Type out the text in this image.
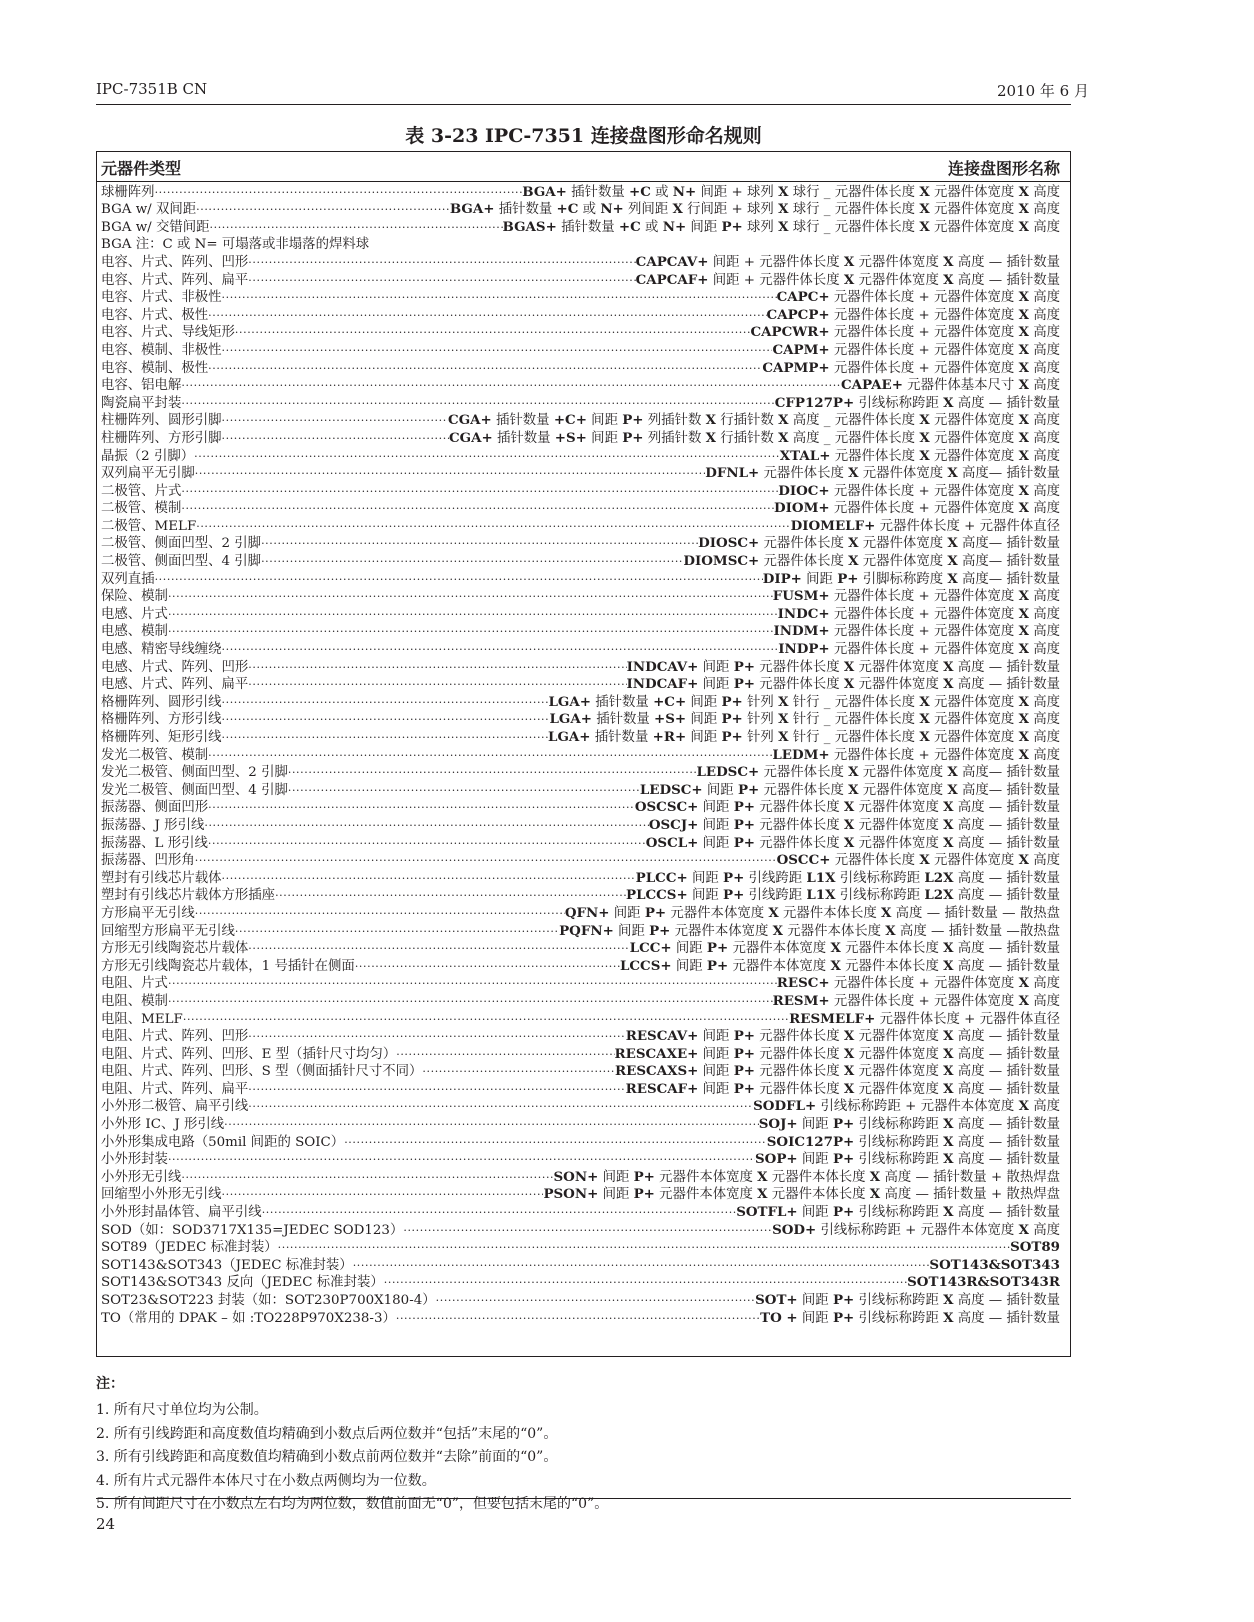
IPC-7351B CN	2010 年 6 月
表 3-23 IPC-7351 连接盘图形命名规则
元器件类型	连接盘图形名称
球栅阵列 ·····	BGA+ 插针数量 +C 或 N+ 间距 + 球列 X 球行 _ 元器件体长度 X 元器件体宽度 X 高度
BGA w/ 双间距 ·····	BGA+ 插针数量 +C 或 N+ 列间距 X 行间距 + 球列 X 球行 _ 元器件体长度 X 元器件体宽度 X 高度
BGA w/ 交错间距 ·····	BGAS+ 插针数量 +C 或 N+ 间距 P+ 球列 X 球行 _ 元器件体长度 X 元器件体宽度 X 高度
BGA 注：C 或 N= 可塌落或非塌落的焊料球
电容、片式、阵列、凹形 ·····	CAPCAV+ 间距 + 元器件体长度 X 元器件体宽度 X 高度 — 插针数量
电容、片式、阵列、扁平 ·····	CAPCAF+ 间距 + 元器件体长度 X 元器件体宽度 X 高度 — 插针数量
电容、片式、非极性 ·····	CAPC+ 元器件体长度 + 元器件体宽度 X 高度
电容、片式、极性 ·····	CAPCP+ 元器件体长度 + 元器件体宽度 X 高度
电容、片式、导线矩形 ·····	CAPCWR+ 元器件体长度 + 元器件体宽度 X 高度
电容、模制、非极性 ·····	CAPM+ 元器件体长度 + 元器件体宽度 X 高度
电容、模制、极性 ·····	CAPMP+ 元器件体长度 + 元器件体宽度 X 高度
电容、铝电解 ·····	CAPAE+ 元器件体基本尺寸 X 高度
陶瓷扁平封装 ·····	CFP127P+ 引线标称跨距 X 高度 — 插针数量
柱栅阵列、圆形引脚 ·····	CGA+ 插针数量 +C+ 间距 P+ 列插针数 X 行插针数 X 高度 _ 元器件体长度 X 元器件体宽度 X 高度
柱栅阵列、方形引脚 ·····	CGA+ 插针数量 +S+ 间距 P+ 列插针数 X 行插针数 X 高度 _ 元器件体长度 X 元器件体宽度 X 高度
晶振（2 引脚） ·····	XTAL+ 元器件体长度 X 元器件体宽度 X 高度
双列扁平无引脚 ·····	DFNL+ 元器件体长度 X 元器件体宽度 X 高度— 插针数量
二极管、片式 ·····	DIOC+ 元器件体长度 + 元器件体宽度 X 高度
二极管、模制 ·····	DIOM+ 元器件体长度 + 元器件体宽度 X 高度
二极管、MELF ·····	DIOMELF+ 元器件体长度 + 元器件体直径
二极管、侧面凹型、2 引脚 ·····	DIOSC+ 元器件体长度 X 元器件体宽度 X 高度— 插针数量
二极管、侧面凹型、4 引脚 ·····	DIOMSC+ 元器件体长度 X 元器件体宽度 X 高度— 插针数量
双列直插 ·····	DIP+ 间距 P+ 引脚标称跨度 X 高度— 插针数量
保险、模制 ·····	FUSM+ 元器件体长度 + 元器件体宽度 X 高度
电感、片式 ·····	INDC+ 元器件体长度 + 元器件体宽度 X 高度
电感、模制 ·····	INDM+ 元器件体长度 + 元器件体宽度 X 高度
电感、精密导线缠绕 ·····	INDP+ 元器件体长度 + 元器件体宽度 X 高度
电感、片式、阵列、凹形 ·····	INDCAV+ 间距 P+ 元器件体长度 X 元器件体宽度 X 高度 — 插针数量
电感、片式、阵列、扁平 ·····	INDCAF+ 间距 P+ 元器件体长度 X 元器件体宽度 X 高度 — 插针数量
格栅阵列、圆形引线 ·····	LGA+ 插针数量 +C+ 间距 P+ 针列 X 针行 _ 元器件体长度 X 元器件体宽度 X 高度
格栅阵列、方形引线 ·····	LGA+ 插针数量 +S+ 间距 P+ 针列 X 针行 _ 元器件体长度 X 元器件体宽度 X 高度
格栅阵列、矩形引线 ·····	LGA+ 插针数量 +R+ 间距 P+ 针列 X 针行 _ 元器件体长度 X 元器件体宽度 X 高度
发光二极管、模制 ·····	LEDM+ 元器件体长度 + 元器件体宽度 X 高度
发光二极管、侧面凹型、2 引脚 ·····	LEDSC+ 元器件体长度 X 元器件体宽度 X 高度— 插针数量
发光二极管、侧面凹型、4 引脚 ·····	LEDSC+ 间距 P+ 元器件体长度 X 元器件体宽度 X 高度— 插针数量
振荡器、侧面凹形 ·····	OSCSC+ 间距 P+ 元器件体长度 X 元器件体宽度 X 高度 — 插针数量
振荡器、J 形引线 ·····	OSCJ+ 间距 P+ 元器件体长度 X 元器件体宽度 X 高度 — 插针数量
振荡器、L 形引线 ·····	OSCL+ 间距 P+ 元器件体长度 X 元器件体宽度 X 高度 — 插针数量
振荡器、凹形角 ·····	OSCC+ 元器件体长度 X 元器件体宽度 X 高度
塑封有引线芯片载体 ·····	PLCC+ 间距 P+ 引线跨距 L1X 引线标称跨距 L2X 高度 — 插针数量
塑封有引线芯片载体方形插座 ·····	PLCCS+ 间距 P+ 引线跨距 L1X 引线标称跨距 L2X 高度 — 插针数量
方形扁平无引线 ·····	QFN+ 间距 P+ 元器件本体宽度 X 元器件本体长度 X 高度 — 插针数量 — 散热盘
回缩型方形扁平无引线 ·····	PQFN+ 间距 P+ 元器件本体宽度 X 元器件本体长度 X 高度 — 插针数量 —散热盘
方形无引线陶瓷芯片载体 ·····	LCC+ 间距 P+ 元器件本体宽度 X 元器件本体长度 X 高度 — 插针数量
方形无引线陶瓷芯片载体，1 号插针在侧面 ·····	LCCS+ 间距 P+ 元器件本体宽度 X 元器件本体长度 X 高度 — 插针数量
电阻、片式 ·····	RESC+ 元器件体长度 + 元器件体宽度 X 高度
电阻、模制 ·····	RESM+ 元器件体长度 + 元器件体宽度 X 高度
电阻、MELF ·····	RESMELF+ 元器件体长度 + 元器件体直径
电阻、片式、阵列、凹形 ·····	RESCAV+ 间距 P+ 元器件体长度 X 元器件体宽度 X 高度 — 插针数量
电阻、片式、阵列、凹形、E 型（插针尺寸均匀） ·····	RESCAXE+ 间距 P+ 元器件体长度 X 元器件体宽度 X 高度 — 插针数量
电阻、片式、阵列、凹形、S 型（侧面插针尺寸不同） ·····	RESCAXS+ 间距 P+ 元器件体长度 X 元器件体宽度 X 高度 — 插针数量
电阻、片式、阵列、扁平 ·····	RESCAF+ 间距 P+ 元器件体长度 X 元器件体宽度 X 高度 — 插针数量
小外形二极管、扁平引线 ·····	SODFL+ 引线标称跨距 + 元器件本体宽度 X 高度
小外形 IC、J 形引线 ·····	SOJ+ 间距 P+ 引线标称跨距 X 高度 — 插针数量
小外形集成电路（50mil 间距的 SOIC） ·····	SOIC127P+ 引线标称跨距 X 高度 — 插针数量
小外形封装 ·····	SOP+ 间距 P+ 引线标称跨距 X 高度 — 插针数量
小外形无引线 ·····	SON+ 间距 P+ 元器件本体宽度 X 元器件本体长度 X 高度 — 插针数量 + 散热焊盘
回缩型小外形无引线 ·····	PSON+ 间距 P+ 元器件本体宽度 X 元器件本体长度 X 高度 — 插针数量 + 散热焊盘
小外形封晶体管、扁平引线 ·····	SOTFL+ 间距 P+ 引线标称跨距 X 高度 — 插针数量
SOD（如：SOD3717X135=JEDEC SOD123） ·····	SOD+ 引线标称跨距 + 元器件本体宽度 X 高度
SOT89（JEDEC 标准封装） ·····	SOT89
SOT143&SOT343（JEDEC 标准封装） ·····	SOT143&SOT343
SOT143&SOT343 反向（JEDEC 标准封装） ·····	SOT143R&SOT343R
SOT23&SOT223 封装（如：SOT230P700X180-4） ·····	SOT+ 间距 P+ 引线标称跨距 X 高度 — 插针数量
TO（常用的 DPAK – 如 :TO228P970X238-3） ·····	TO + 间距 P+ 引线标称跨距 X 高度 — 插针数量
注：
1. 所有尺寸单位均为公制。
2. 所有引线跨距和高度数值均精确到小数点后两位数并“包括”末尾的“0”。
3. 所有引线跨距和高度数值均精确到小数点前两位数并“去除”前面的“0”。
4. 所有片式元器件本体尺寸在小数点两侧均为一位数。
5. 所有间距尺寸在小数点左右均为两位数，数值前面无“0”，但要包括末尾的“0”。
24
